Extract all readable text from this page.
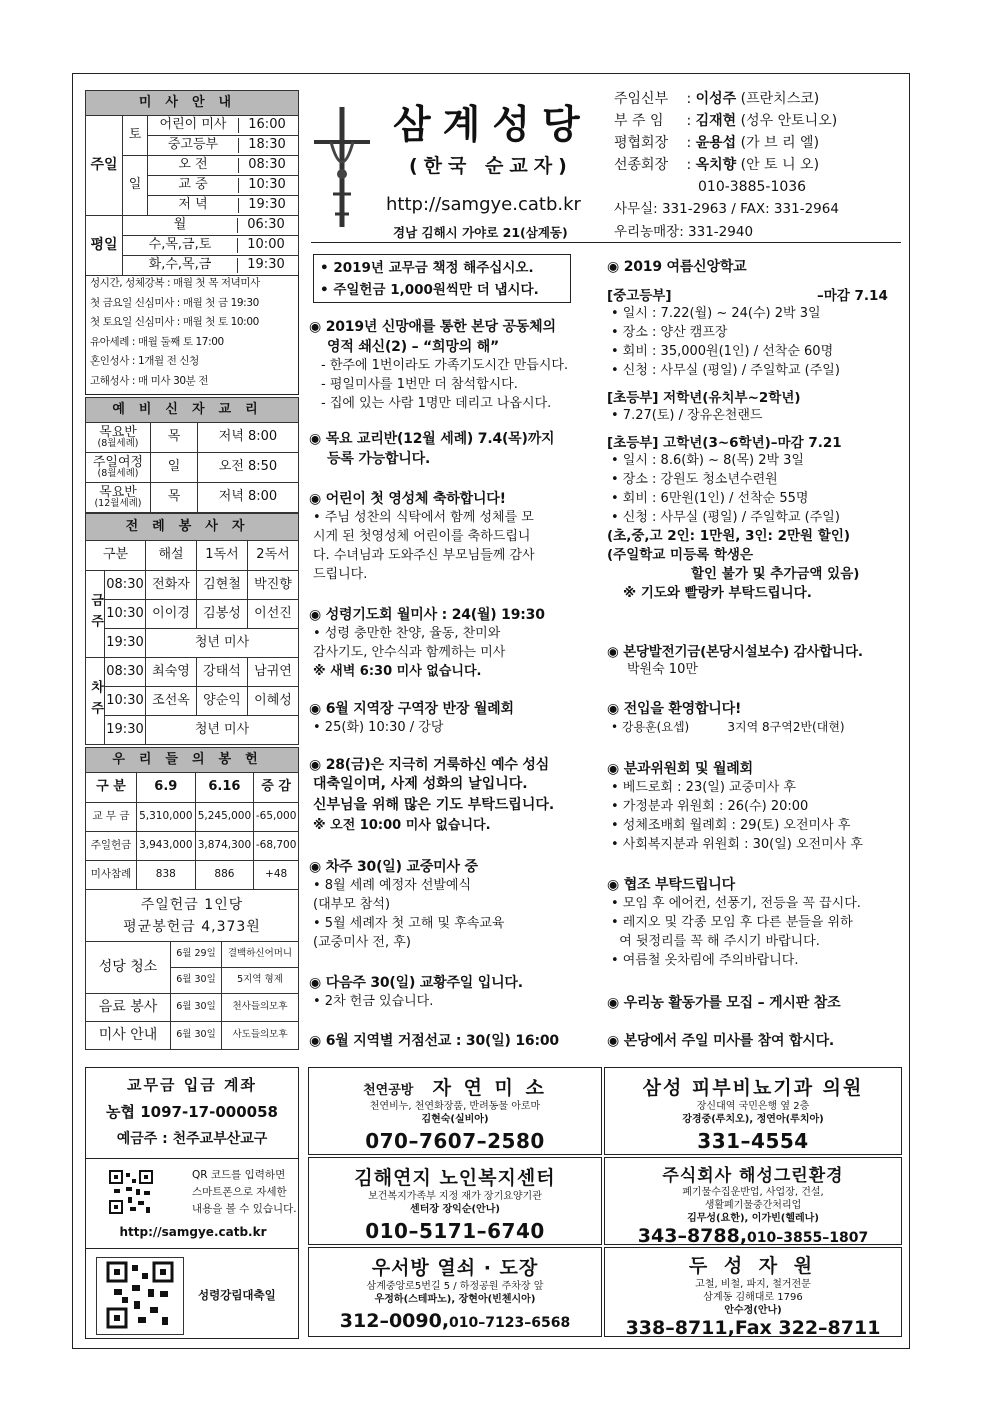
미사안내		
주일	토	어린이 미사 16:00
		중고등부 18:30
	일	오 전 08:30
		교 중 10:30
		저 녁 19:30
평일	월 06:30	
	수,목,금,토 10:00	
	화,수,목,금 19:30	
성시간, 성체강복 : 매월 첫 목 저녁미사
첫 금요일 신심미사 : 매월 첫 금 19:30
첫 토요일 신심미사 : 매월 첫 토 10:00
유아세례 : 매월 둘째 토 17:00
혼인성사 : 1개월 전 신청
고해성사 : 매 미사 30분 전
예비신자교리		

목요반
(8월세례)	목	저녁 8:00

주일여정
(8월세례)	일	오전 8:50

목요반
(12월세례)	목	저녁 8:00
전례봉사자				
구분		해설	1독서	2독서
금주	08:30	전화자	김현철	박진향
	10:30	이이경	김봉성	이선진
	19:30	청년 미사		
차주	08:30	최숙영	강태석	남귀연
	10:30	조선옥	양순익	이혜성
	19:30	청년 미사		
우리들의봉헌			
구 분	6.9	6.16	증 감
교 무 금	5,310,000	5,245,000	-65,000
주일헌금	3,943,000	3,874,300	-68,700
미사참례	838	886	+48

주일헌금 1인당
평균봉헌금 4,373원			
성당 청소	6월 29일	결백하신어머니
	6월 30일	5지역 형제
음료 봉사	6월 30일	천사들의모후
미사 안내	6월 30일	사도들의모후
삼계성당
(한국 순교자)
http://samgye.catb.kr
경남 김해시 가야로 21(삼계동)
주임신부 : 이성주 (프란치스코)
부 주 임 : 김재현 (성우 안토니오)
평협회장 : 윤용섭 (가 브 리 엘)
선종회장 : 옥치향 (안 토 니 오)
010-3885-1036
사무실: 331-2963 / FAX: 331-2964
우리농매장: 331-2940
• 2019년 교무금 책정 해주십시오.
• 주일헌금 1,000원씩만 더 냅시다.
◉ 2019년 신망애를 통한 본당 공동체의
영적 쇄신(2) – “희망의 해”
- 한주에 1번이라도 가족기도시간 만듭시다.
- 평일미사를 1번만 더 참석합시다.
- 집에 있는 사람 1명만 데리고 나옵시다.
◉ 목요 교리반(12월 세례) 7.4(목)까지
등록 가능합니다.
◉ 어린이 첫 영성체 축하합니다!
• 주님 성찬의 식탁에서 함께 성체를 모
시게 된 첫영성체 어린이를 축하드립니
다. 수녀님과 도와주신 부모님들께 감사
드립니다.
◉ 성령기도회 월미사 : 24(월) 19:30
• 성령 충만한 찬양, 율동, 찬미와
감사기도, 안수식과 함께하는 미사
※ 새벽 6:30 미사 없습니다.
◉ 6월 지역장 구역장 반장 월례회
• 25(화) 10:30 / 강당
◉ 28(금)은 지극히 거룩하신 예수 성심
대축일이며, 사제 성화의 날입니다.
신부님을 위해 많은 기도 부탁드립니다.
※ 오전 10:00 미사 없습니다.
◉ 차주 30(일) 교중미사 중
• 8월 세례 예정자 선발예식
(대부모 참석)
• 5월 세례자 첫 고해 및 후속교육
(교중미사 전, 후)
◉ 다음주 30(일) 교황주일 입니다.
• 2차 헌금 있습니다.
◉ 6월 지역별 거점선교 : 30(일) 16:00
◉ 2019 여름신앙학교
[중고등부]	–마감 7.14
• 일시 : 7.22(월) ~ 24(수) 2박 3일
• 장소 : 양산 캠프장
• 회비 : 35,000원(1인) / 선착순 60명
• 신청 : 사무실 (평일) / 주일학교 (주일)
[초등부] 저학년(유치부~2학년)
• 7.27(토) / 장유온천랜드
[초등부] 고학년(3~6학년)–마감 7.21
• 일시 : 8.6(화) ~ 8(목) 2박 3일
• 장소 : 강원도 청소년수련원
• 회비 : 6만원(1인) / 선착순 55명
• 신청 : 사무실 (평일) / 주일학교 (주일)
(초,중,고 2인: 1만원, 3인: 2만원 할인)
(주일학교 미등록 학생은
할인 불가 및 추가금액 있음)
※ 기도와 빨랑카 부탁드립니다.
◉ 본당발전기금(본당시설보수) 감사합니다.
박원숙 10만
◉ 전입을 환영합니다!
• 강용훈(요셉)          3지역 8구역2반(대현)
◉ 분과위원회 및 월례회
• 베드로회 : 23(일) 교중미사 후
• 가정분과 위원회 : 26(수) 20:00
• 성체조배회 월례회 : 29(토) 오전미사 후
• 사회복지분과 위원회 : 30(일) 오전미사 후
◉ 협조 부탁드립니다
• 모임 후 에어컨, 선풍기, 전등을 꼭 끕시다.
• 레지오 및 각종 모임 후 다른 분들을 위하
여 뒷정리를 꼭 해 주시기 바랍니다.
• 여름철 옷차림에 주의바랍니다.
◉ 우리농 활동가를 모집 – 게시판 참조
◉ 본당에서 주일 미사를 참여 합시다.
교무금 입금 계좌
농협 1097-17-000058
예금주 : 천주교부산교구
QR 코드를 입력하면
스마트폰으로 자세한
내용을 볼 수 있습니다.
http://samgye.catb.kr
성령강림대축일
천연공방 자 연 미 소
천연비누, 천연화장품, 반려동물 아로마
김현숙(실비아)
070–7607–2580
삼성 피부비뇨기과 의원
장신대역 국민은행 옆 2층
강경중(루치오), 정연아(루치아)
331–4554
김해연지 노인복지센터
보건복지가족부 지정 재가 장기요양기관
센터장 장익순(안나)
010–5171–6740
주식회사 해성그린환경
폐기물수집운반업, 사업장, 건설,
생활폐기물중간처리업
김무성(요한), 이가빈(헬레나)
343–8788,010–3855–1807
우서방 열쇠 · 도장
삼계중앙로5번길 5 / 하정공원 주차장 앞
우정하(스테파노), 장현아(빈첸시아)
312–0090,010–7123–6568
두 성 자 원
고철, 비철, 파지, 철거전문
삼계동 김해대로 1796
안수정(안나)
338–8711,Fax 322–8711
